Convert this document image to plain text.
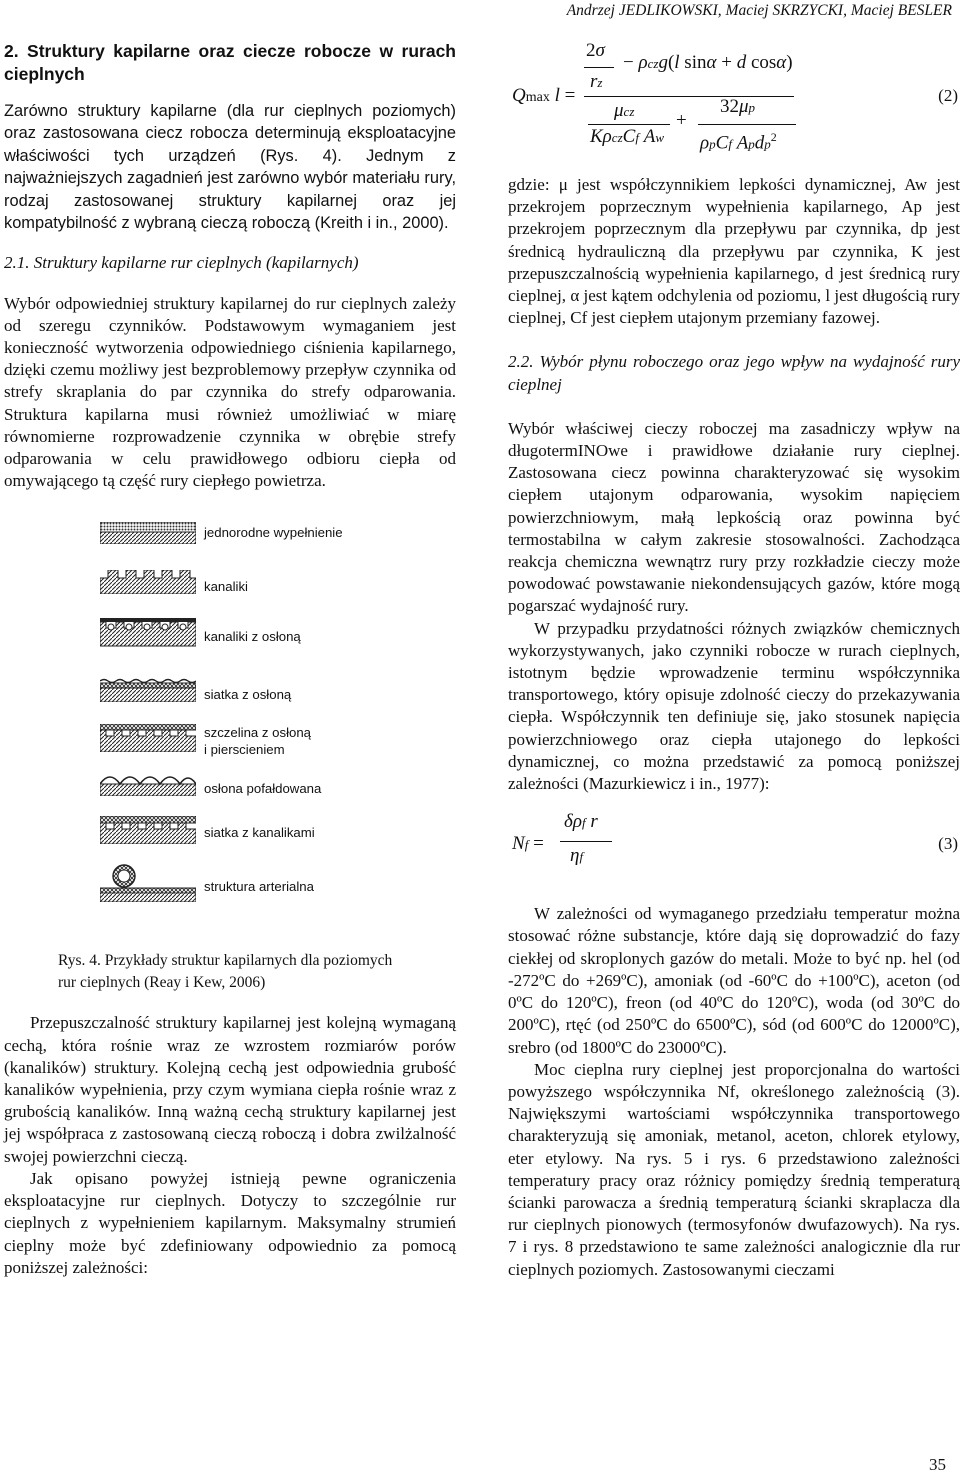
Andrzej JEDLIKOWSKI, Maciej SKRZYCKI, Maciej BESLER
2. Struktury kapilarne oraz ciecze robocze w rurach cieplnych

Zarówno struktury kapilarne (dla rur cieplnych poziomych) oraz zastosowana ciecz robocza determinują eksploatacyjne właściwości tych urządzeń (Rys. 4). Jednym z najważniejszych zagadnień jest zarówno wybór materiału rury, rodzaj zastosowanej struktury kapilarnej oraz jej kompatybilność z wybraną cieczą roboczą (Kreith i in., 2000).

2.1. Struktury kapilarne rur cieplnych (kapilarnych)

Wybór odpowiedniej struktury kapilarnej do rur cieplnych zależy od szeregu czynników. Podstawowym wymaganiem jest konieczność wytworzenia odpowiedniego ciśnienia kapilarnego, dzięki czemu możliwy jest bezproblemowy przepływ czynnika od strefy skraplania do par czynnika do strefy odparowania. Struktura kapilarna musi również umożliwiać w miarę równomierne rozprowadzenie czynnika w obrębie strefy odparowania w celu prawidłowego odbioru ciepła od omywającego tą część rury ciepłego powietrza.

jednorodne wypełnienie
kanaliki
kanaliki z osłoną
siatka z osłoną
szczelina z osłoną
i pierscieniem
osłona pofałdowana
siatka z kanalikami
struktura arterialna
Rys. 4. Przykłady struktur kapilarnych dla poziomych rur cieplnych (Reay i Kew, 2006)

Przepuszczalność struktury kapilarnej jest kolejną wymaganą cechą, która rośnie wraz ze wzrostem rozmiarów porów (kanalików) struktury. Kolejną cechą jest odpowiednia grubość kanalików wypełnienia, przy czym wymiana ciepła rośnie wraz z grubością kanalików. Inną ważną cechą struktury kapilarnej jest jej współpraca z zastosowaną cieczą roboczą i dobra zwilżalność swojej powierzchni cieczą.

Jak opisano powyżej istnieją pewne ograniczenia eksploatacyjne rur cieplnych. Dotyczy to szczególnie rur cieplnych z wypełnieniem kapilarnym. Maksymalny strumień cieplny może być zdefiniowany odpowiednio za pomocą poniższej zależności:

Qmax l =
2σ
− ρczg(l sinα + d cosα)
rz
μcz
KρczCf Aw
+
32μp
ρpCf Apdp$^2$
(2)

gdzie: μ jest współczynnikiem lepkości dynamicznej, Aw jest przekrojem poprzecznym wypełnienia kapilarnego, Ap jest przekrojem poprzecznym dla przepływu par czynnika, dp jest średnicą hydrauliczną dla przepływu par czynnika, K jest przepuszczalnością wypełnienia kapilarnego, d jest średnicą rury cieplnej, α jest kątem odchylenia od poziomu, l jest długością rury cieplnej, Cf jest ciepłem utajonym przemiany fazowej.

2.2. Wybór płynu roboczego oraz jego wpływ na wydajność rury cieplnej

Wybór właściwej cieczy roboczej ma zasadniczy wpływ na długotermINOwe i prawidłowe działanie rury cieplnej. Zastosowana ciecz powinna charakteryzować się wysokim ciepłem utajonym odparowania, wysokim napięciem powierzchniowym, małą lepkością oraz powinna być termostabilna w całym zakresie stosowalności. Zachodząca reakcja chemiczna wewnątrz rury przy rozkładzie cieczy może powodować powstawanie niekondensujących gazów, które mogą pogarszać wydajność rury.

W przypadku przydatności różnych związków chemicznych wykorzystywanych, jako czynniki robocze w rurach cieplnych, istotnym będzie wprowadzenie terminu współczynnika transportowego, który opisuje zdolność cieczy do przekazywania ciepła. Współczynnik ten definiuje się, jako stosunek napięcia powierzchniowego oraz ciepła utajonego do lepkości dynamicznej, co można przedstawić za pomocą poniższej zależności (Mazurkiewicz i in., 1977):

Nf =
δρf r
ηf
(3)

W zależności od wymaganego przedziału temperatur można stosować różne substancje, które dają się doprowadzić do fazy ciekłej od skroplonych gazów do metali. Może to być np. hel (od -272ºC do +269ºC), amoniak (od -60ºC do +100ºC), aceton (od 0ºC do 120ºC), freon (od 40ºC do 120ºC), woda (od 30ºC do 200ºC), rtęć (od 250ºC do 6500ºC), sód (od 600ºC do 12000ºC), srebro (od 1800ºC do 23000ºC).

Moc cieplna rury cieplnej jest proporcjonalna do wartości powyższego współczynnika Nf, określonego zależnością (3). Największymi wartościami współczynnika transportowego charakteryzują się amoniak, metanol, aceton, chlorek etylowy, eter etylowy. Na rys. 5 i rys. 6 przedstawiono zależności temperatury pracy oraz różnicy pomiędzy średnią temperaturą ścianki parowacza a średnią temperaturą ścianki skraplacza dla rur cieplnych pionowych (termosyfonów dwufazowych). Na rys. 7 i rys. 8 przedstawiono te same zależności analogicznie dla rur cieplnych poziomych. Zastosowanymi cieczami

35
